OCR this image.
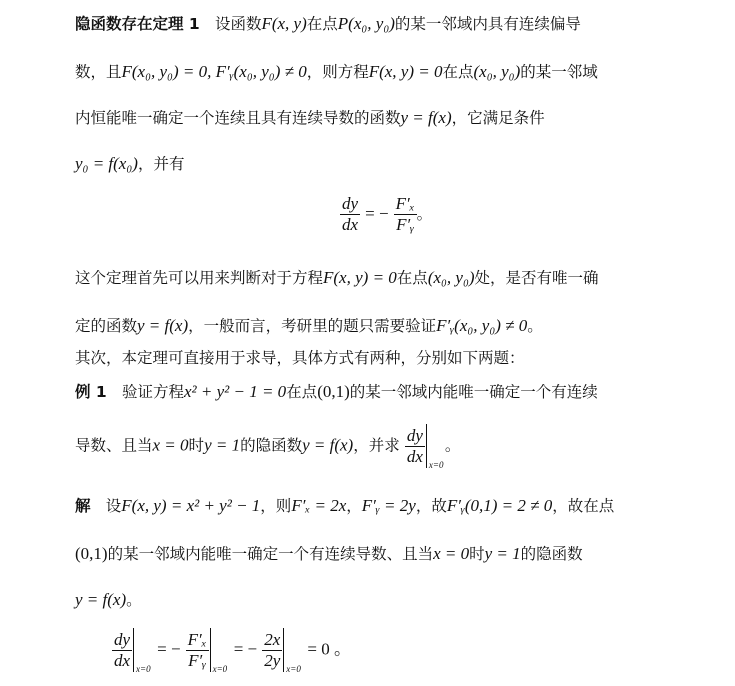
隐函数存在定理 1 设函数F(x, y)在点P(x₀, y₀)的某一邻域内具有连续偏导
数，且F(x₀, y₀) = 0, F′ᵧ(x₀, y₀) ≠ 0，则方程F(x, y) = 0在点(x₀, y₀)的某一邻域
内恒能唯一确定一个连续且具有连续导数的函数y = f(x)，它满足条件
y₀ = f(x₀)，并有
$\frac{dy}{dx}$ = − $\frac{\text{F′ₓ}}{\text{F′ᵧ}}$ 。
这个定理首先可以用来判断对于方程F(x, y) = 0在点(x₀, y₀)处，是否有唯一确
定的函数y = f(x)，一般而言，考研里的题只需要验证F′ᵧ(x₀, y₀) ≠ 0。
其次，本定理可直接用于求导，具体方式有两种，分别如下两题：
例 1 验证方程x² + y² − 1 = 0在点(0,1)的某一邻域内能唯一确定一个有连续
导数、且当x = 0时y = 1的隐函数y = f(x)，并求 $\frac{dy}{dx} x=0$
。
解 设F(x, y) = x² + y² − 1，则F′ₓ = 2x，F′ᵧ = 2y，故F′ᵧ(0,1) = 2 ≠ 0，故在点
(0,1)的某一邻域内能唯一确定一个有连续导数、且当x = 0时y = 1的隐函数
y = f(x)。
$\frac{dy}{dx} x=0$
= − $\frac{\text{F′ₓ}}{\text{F′ᵧ}} x=0$
= − $\frac{2x}{2y} x=0$
= 0 。
